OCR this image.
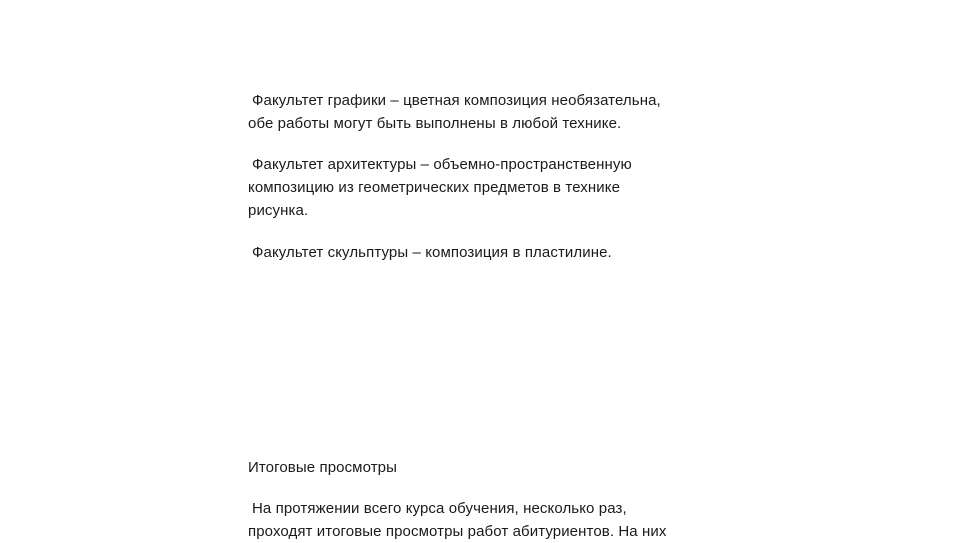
Факультет графики – цветная композиция необязательна,
обе работы могут быть выполнены в любой технике.

Факультет архитектуры – объемно-пространственную
композицию из геометрических предметов в технике
рисунка.

Факультет скульптуры – композиция в пластилине.

Итоговые просмотры

На протяжении всего курса обучения, несколько раз,
проходят итоговые просмотры работ абитуриентов. На них
